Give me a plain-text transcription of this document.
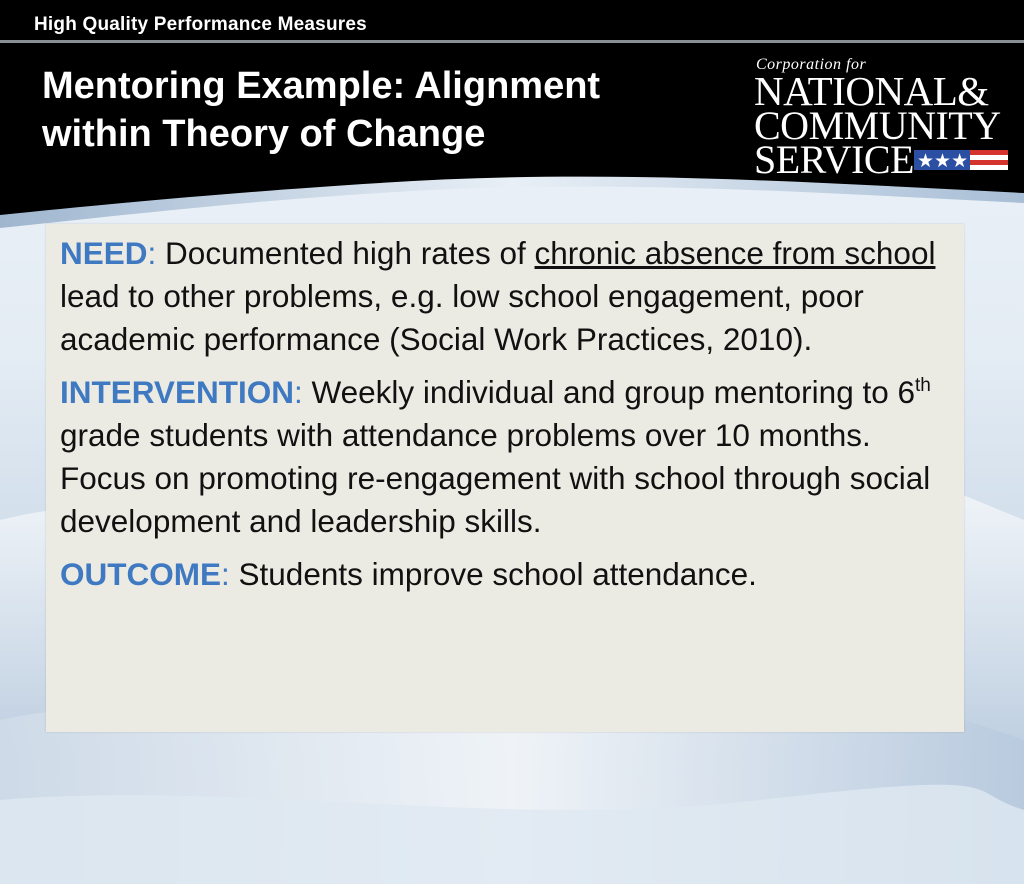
High Quality Performance Measures
Mentoring Example: Alignment
within Theory of Change
Corporation for
NATIONAL&
COMMUNITY
SERVICE ★★★

NEED: Documented high rates of chronic absence from school lead to other problems, e.g. low school engagement, poor academic performance (Social Work Practices, 2010).

INTERVENTION: Weekly individual and group mentoring to 6th grade students with attendance problems over 10 months. Focus on promoting re-engagement with school through social development and leadership skills.

OUTCOME: Students improve school attendance.
